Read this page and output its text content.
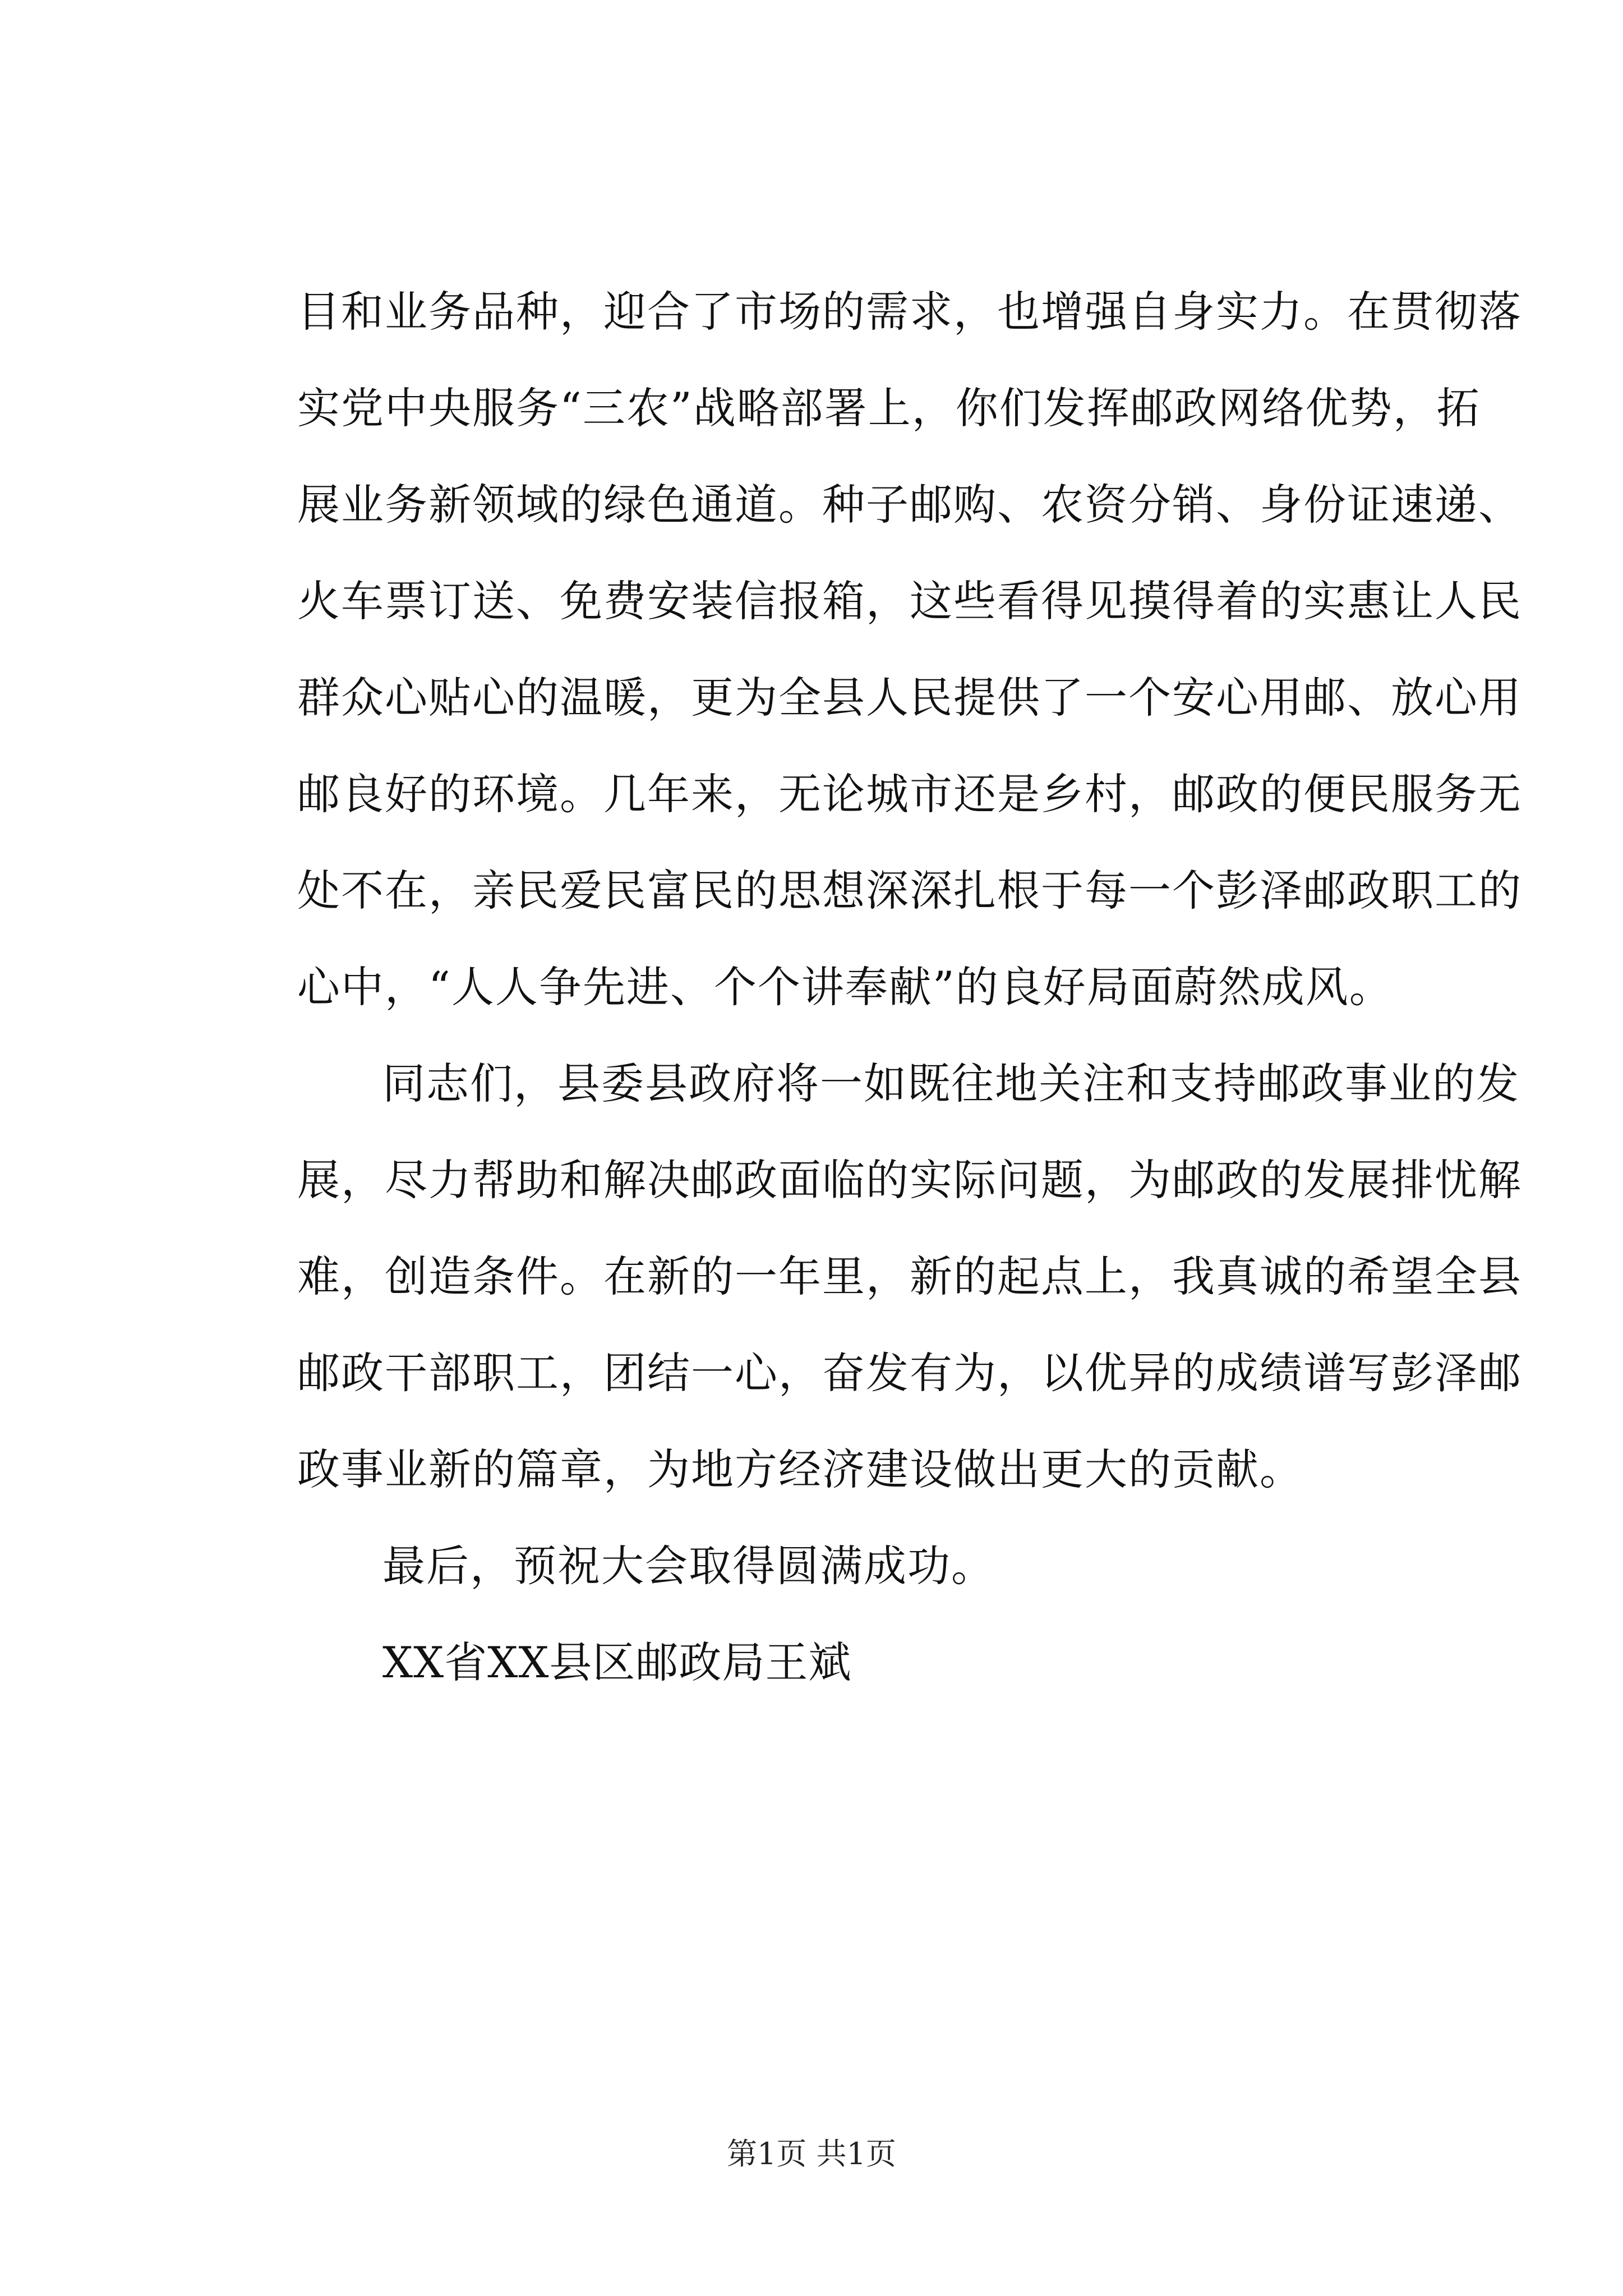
目和业务品种，迎合了市场的需求，也增强自身实力。在贯彻落
实党中央服务“三农”战略部署上，你们发挥邮政网络优势，拓
展业务新领域的绿色通道。种子邮购、农资分销、身份证速递、
火车票订送、免费安装信报箱，这些看得见摸得着的实惠让人民
群众心贴心的温暖，更为全县人民提供了一个安心用邮、放心用
邮良好的环境。几年来，无论城市还是乡村，邮政的便民服务无
处不在，亲民爱民富民的思想深深扎根于每一个彭泽邮政职工的
心中，“人人争先进、个个讲奉献”的良好局面蔚然成风。
同志们，县委县政府将一如既往地关注和支持邮政事业的发
展，尽力帮助和解决邮政面临的实际问题，为邮政的发展排忧解
难，创造条件。在新的一年里，新的起点上，我真诚的希望全县
邮政干部职工，团结一心，奋发有为，以优异的成绩谱写彭泽邮
政事业新的篇章，为地方经济建设做出更大的贡献。
最后，预祝大会取得圆满成功。
XX省XX县区邮政局王斌
第1页 共1页
